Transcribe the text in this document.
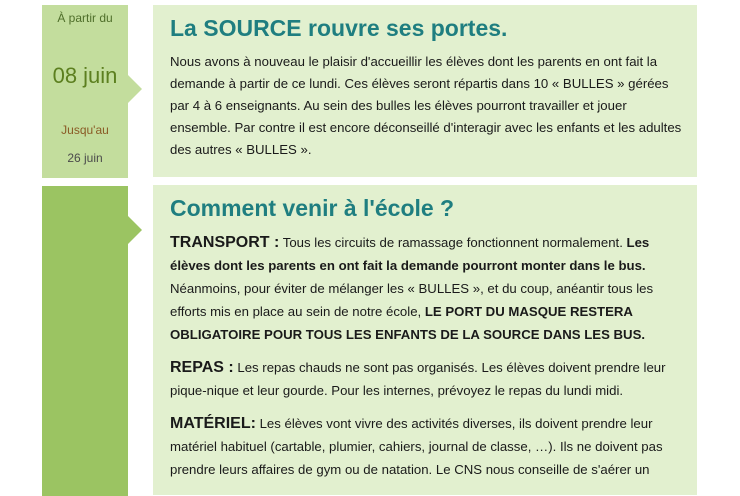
À partir du
08 juin
Jusqu'au
26 juin
La SOURCE rouvre ses portes.

Nous avons à nouveau le plaisir d'accueillir les élèves dont les parents en ont fait la demande à partir de ce lundi. Ces élèves seront répartis dans 10 « BULLES » gérées par 4 à 6 enseignants. Au sein des bulles les élèves pourront travailler et jouer ensemble. Par contre il est encore déconseillé d'interagir avec les enfants et les adultes des autres « BULLES ».

Comment venir à l'école ?

TRANSPORT : Tous les circuits de ramassage fonctionnent normalement. Les élèves dont les parents en ont fait la demande pourront monter dans le bus. Néanmoins, pour éviter de mélanger les « BULLES », et du coup, anéantir tous les efforts mis en place au sein de notre école, LE PORT DU MASQUE RESTERA OBLIGATOIRE POUR TOUS LES ENFANTS DE LA SOURCE DANS LES BUS.

REPAS : Les repas chauds ne sont pas organisés. Les élèves doivent prendre leur pique-nique et leur gourde. Pour les internes, prévoyez le repas du lundi midi.

MATÉRIEL: Les élèves vont vivre des activités diverses, ils doivent prendre leur matériel habituel (cartable, plumier, cahiers, journal de classe, …). Ils ne doivent pas prendre leurs affaires de gym ou de natation. Le CNS nous conseille de s'aérer un
